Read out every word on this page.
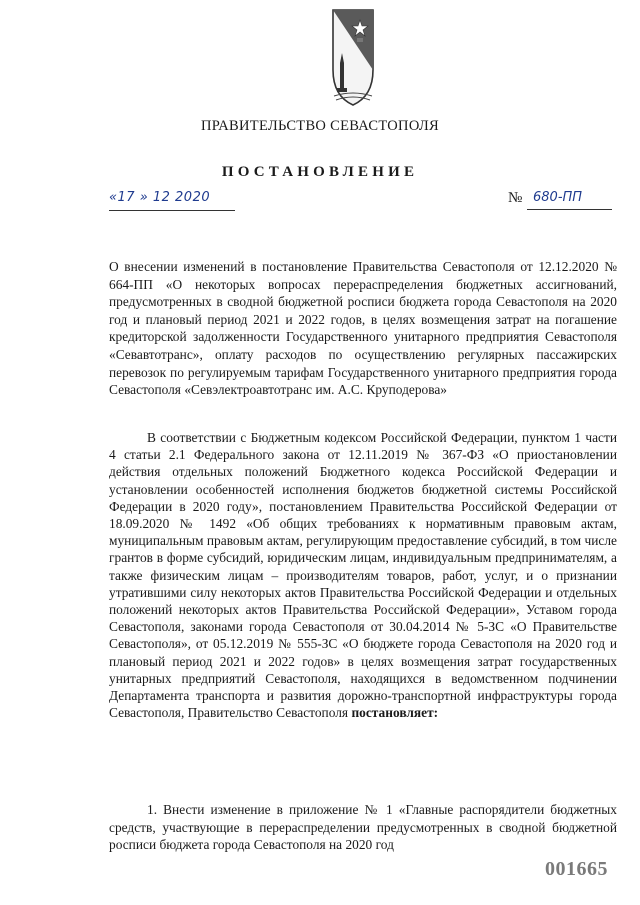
ПРАВИТЕЛЬСТВО СЕВАСТОПОЛЯ
ПОСТАНОВЛЕНИЕ
«17 » 12 2020	№ 680-ПП
О внесении изменений в постановление Правительства Севастополя от 12.12.2020 № 664-ПП «О некоторых вопросах перераспределения бюджетных ассигнований, предусмотренных в сводной бюджетной росписи бюджета города Севастополя на 2020 год и плановый период 2021 и 2022 годов, в целях возмещения затрат на погашение кредиторской задолженности Государственного унитарного предприятия Севастополя «Севавтотранс», оплату расходов по осуществлению регулярных пассажирских перевозок по регулируемым тарифам Государственного унитарного предприятия города Севастополя «Севэлектроавтотранс им. А.С. Круподерова»
В соответствии с Бюджетным кодексом Российской Федерации, пунктом 1 части 4 статьи 2.1 Федерального закона от 12.11.2019 № 367-ФЗ «О приостановлении действия отдельных положений Бюджетного кодекса Российской Федерации и установлении особенностей исполнения бюджетов бюджетной системы Российской Федерации в 2020 году», постановлением Правительства Российской Федерации от 18.09.2020 № 1492 «Об общих требованиях к нормативным правовым актам, муниципальным правовым актам, регулирующим предоставление субсидий, в том числе грантов в форме субсидий, юридическим лицам, индивидуальным предпринимателям, а также физическим лицам – производителям товаров, работ, услуг, и о признании утратившими силу некоторых актов Правительства Российской Федерации и отдельных положений некоторых актов Правительства Российской Федерации», Уставом города Севастополя, законами города Севастополя от 30.04.2014 № 5-ЗС «О Правительстве Севастополя», от 05.12.2019 № 555-ЗС «О бюджете города Севастополя на 2020 год и плановый период 2021 и 2022 годов» в целях возмещения затрат государственных унитарных предприятий Севастополя, находящихся в ведомственном подчинении Департамента транспорта и развития дорожно-транспортной инфраструктуры города Севастополя, Правительство Севастополя постановляет:
1. Внести изменение в приложение № 1 «Главные распорядители бюджетных средств, участвующие в перераспределении предусмотренных в сводной бюджетной росписи бюджета города Севастополя на 2020 год
001665
